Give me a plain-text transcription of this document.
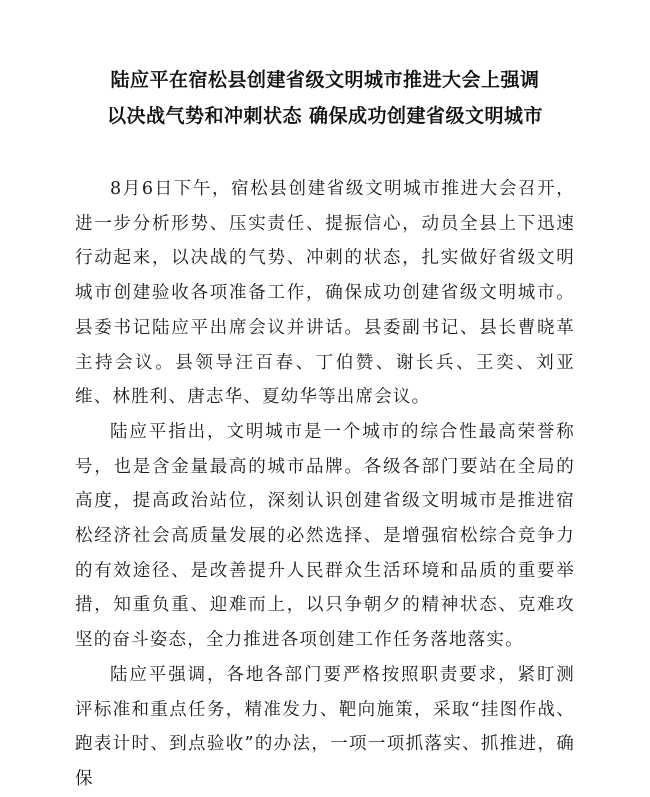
陆应平在宿松县创建省级文明城市推进大会上强调
以决战气势和冲刺状态 确保成功创建省级文明城市

8月6日下午，宿松县创建省级文明城市推进大会召开，进一步分析形势、压实责任、提振信心，动员全县上下迅速行动起来，以决战的气势、冲刺的状态，扎实做好省级文明城市创建验收各项准备工作，确保成功创建省级文明城市。县委书记陆应平出席会议并讲话。县委副书记、县长曹晓革主持会议。县领导汪百春、丁伯赞、谢长兵、王奕、刘亚维、林胜利、唐志华、夏幼华等出席会议。

陆应平指出，文明城市是一个城市的综合性最高荣誉称号，也是含金量最高的城市品牌。各级各部门要站在全局的高度，提高政治站位，深刻认识创建省级文明城市是推进宿松经济社会高质量发展的必然选择、是增强宿松综合竞争力的有效途径、是改善提升人民群众生活环境和品质的重要举措，知重负重、迎难而上，以只争朝夕的精神状态、克难攻坚的奋斗姿态，全力推进各项创建工作任务落地落实。

陆应平强调，各地各部门要严格按照职责要求，紧盯测评标准和重点任务，精准发力、靶向施策，采取“挂图作战、跑表计时、到点验收”的办法，一项一项抓落实、抓推进，确保
